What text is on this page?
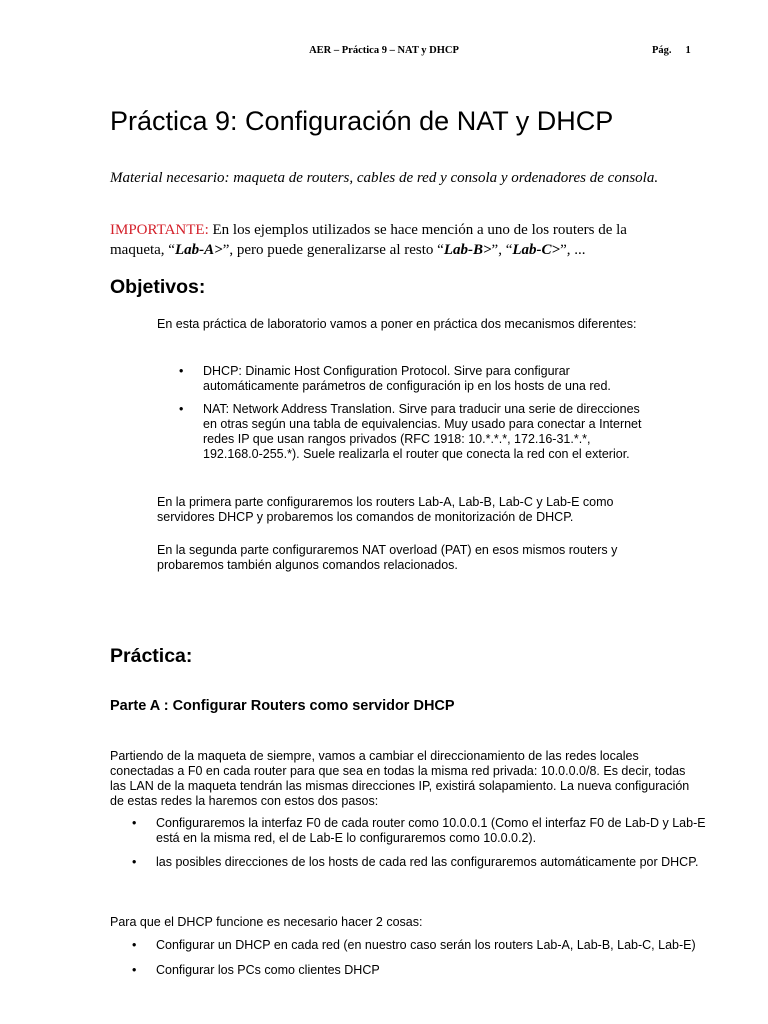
AER – Práctica 9 – NAT y DHCP	Pág. 1
Práctica 9: Configuración de NAT y DHCP

Material necesario: maqueta de routers, cables de red y consola y ordenadores de consola.

IMPORTANTE: En los ejemplos utilizados se hace mención a uno de los routers de la maqueta, “Lab-A>”, pero puede generalizarse al resto “Lab-B>”, “Lab-C>”, ...

Objetivos:

En esta práctica de laboratorio vamos a poner en práctica dos mecanismos diferentes:

• DHCP: Dinamic Host Configuration Protocol. Sirve para configurar automáticamente parámetros de configuración ip en los hosts de una red.
• NAT: Network Address Translation. Sirve para traducir una serie de direcciones en otras según una tabla de equivalencias. Muy usado para conectar a Internet redes IP que usan rangos privados (RFC 1918: 10.*.*.*, 172.16-31.*.*, 192.168.0-255.*). Suele realizarla el router que conecta la red con el exterior.

En la primera parte configuraremos los routers Lab-A, Lab-B, Lab-C y Lab-E como servidores DHCP y probaremos los comandos de monitorización de DHCP.

En la segunda parte configuraremos NAT overload (PAT) en esos mismos routers y probaremos también algunos comandos relacionados.

Práctica:
Parte A : Configurar Routers como servidor DHCP

Partiendo de la maqueta de siempre, vamos a cambiar el direccionamiento de las redes locales conectadas a F0 en cada router para que sea en todas la misma red privada: 10.0.0.0/8. Es decir, todas las LAN de la maqueta tendrán las mismas direcciones IP, existirá solapamiento. La nueva configuración de estas redes la haremos con estos dos pasos:

• Configuraremos la interfaz F0 de cada router como 10.0.0.1 (Como el interfaz F0 de Lab-D y Lab-E está en la misma red, el de Lab-E lo configuraremos como 10.0.0.2).
• las posibles direcciones de los hosts de cada red las configuraremos automáticamente por DHCP.

Para que el DHCP funcione es necesario hacer 2 cosas:

• Configurar un DHCP en cada red (en nuestro caso serán los routers Lab-A, Lab-B, Lab-C, Lab-E)
• Configurar los PCs como clientes DHCP
